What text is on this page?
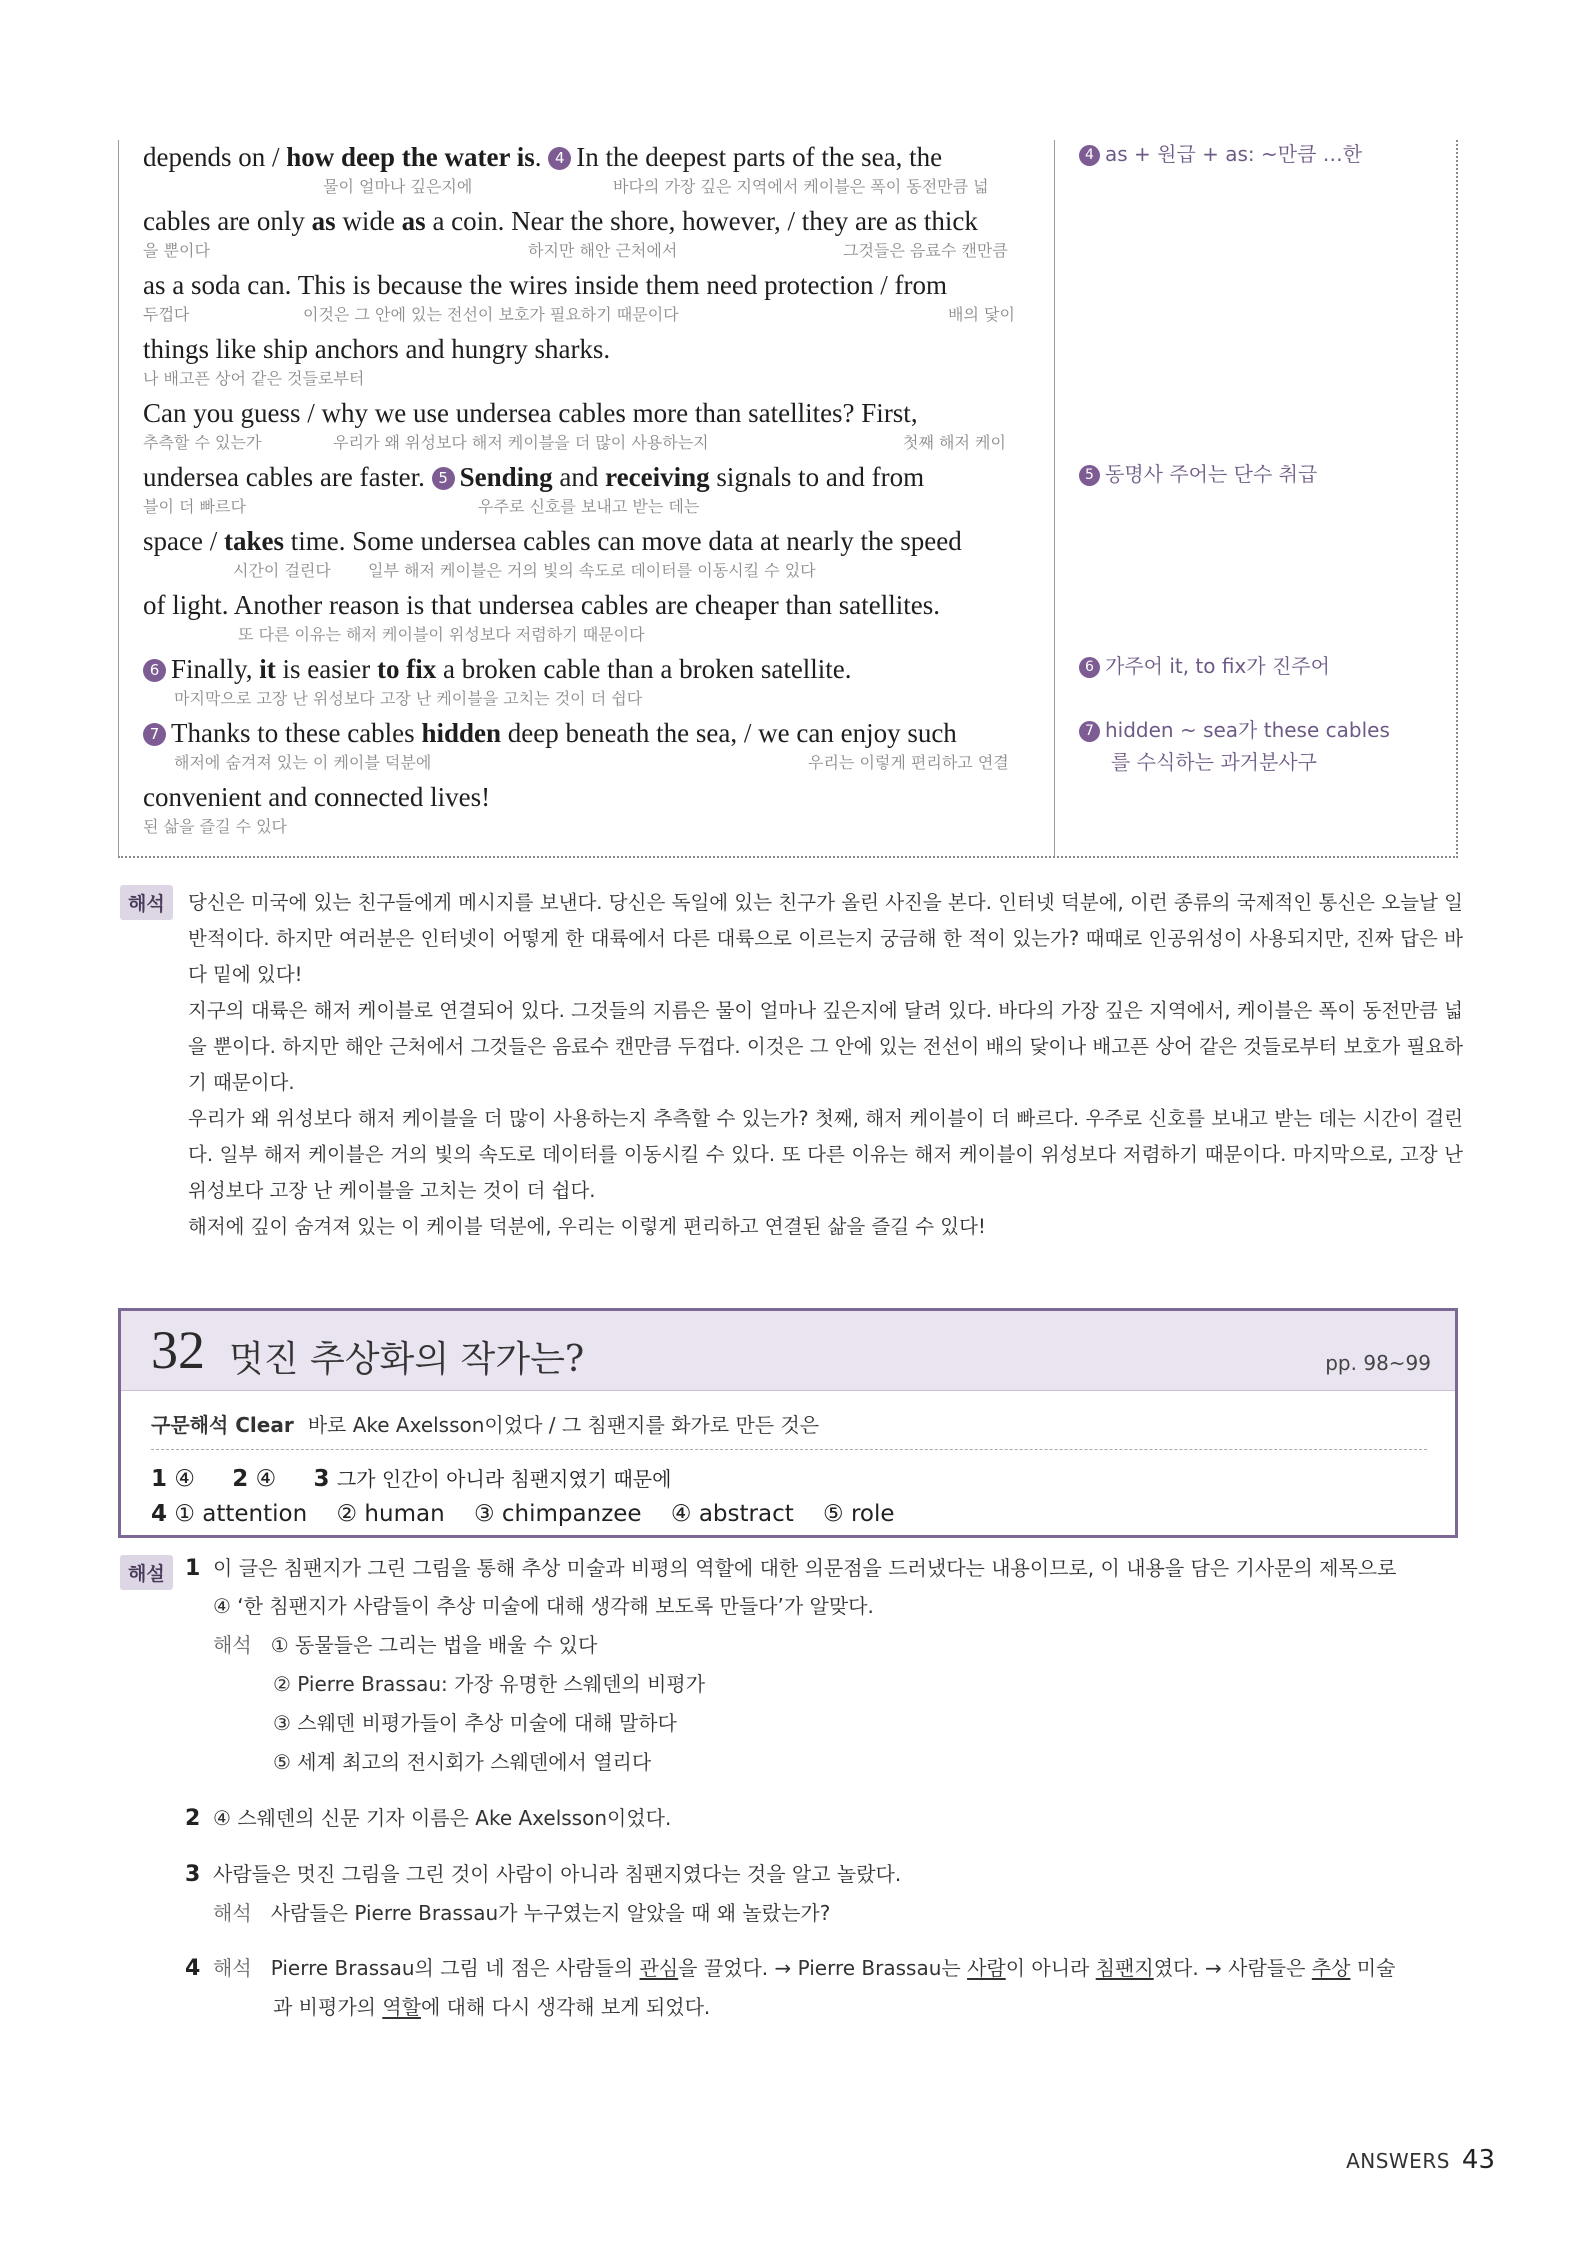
depends on / how deep the water is. 4 In the deepest parts of the sea, the
물이 얼마나 깊은지에	바다의 가장 깊은 지역에서 케이블은 폭이 동전만큼 넓
cables are only as wide as a coin. Near the shore, however, / they are as thick
을 뿐이다	하지만 해안 근처에서	그것들은 음료수 캔만큼
as a soda can. This is because the wires inside them need protection / from
두껍다	이것은 그 안에 있는 전선이 보호가 필요하기 때문이다	배의 닻이
things like ship anchors and hungry sharks.
나 배고픈 상어 같은 것들로부터
Can you guess / why we use undersea cables more than satellites? First,
추측할 수 있는가	우리가 왜 위성보다 해저 케이블을 더 많이 사용하는지	첫째 해저 케이
undersea cables are faster. 5 Sending and receiving signals to and from
블이 더 빠르다	우주로 신호를 보내고 받는 데는
space / takes time. Some undersea cables can move data at nearly the speed
시간이 걸린다 일부 해저 케이블은 거의 빛의 속도로 데이터를 이동시킬 수 있다
of light. Another reason is that undersea cables are cheaper than satellites.
또 다른 이유는 해저 케이블이 위성보다 저렴하기 때문이다
6 Finally, it is easier to fix a broken cable than a broken satellite.
마지막으로 고장 난 위성보다 고장 난 케이블을 고치는 것이 더 쉽다
7 Thanks to these cables hidden deep beneath the sea, / we can enjoy such
해저에 숨겨져 있는 이 케이블 덕분에	우리는 이렇게 편리하고 연결
convenient and connected lives!
된 삶을 즐길 수 있다
4 as + 원급 + as: ~만큼 …한
5 동명사 주어는 단수 취급
6 가주어 it, to fix가 진주어
7 hidden ~ sea가 these cables
를 수식하는 과거분사구
해석	당신은 미국에 있는 친구들에게 메시지를 보낸다. 당신은 독일에 있는 친구가 올린 사진을 본다. 인터넷 덕분에, 이런 종류의 국제적인 통신은 오늘날 일반적이다. 하지만 여러분은 인터넷이 어떻게 한 대륙에서 다른 대륙으로 이르는지 궁금해 한 적이 있는가? 때때로 인공위성이 사용되지만, 진짜 답은 바다 밑에 있다!

지구의 대륙은 해저 케이블로 연결되어 있다. 그것들의 지름은 물이 얼마나 깊은지에 달려 있다. 바다의 가장 깊은 지역에서, 케이블은 폭이 동전만큼 넓을 뿐이다. 하지만 해안 근처에서 그것들은 음료수 캔만큼 두껍다. 이것은 그 안에 있는 전선이 배의 닻이나 배고픈 상어 같은 것들로부터 보호가 필요하기 때문이다.

우리가 왜 위성보다 해저 케이블을 더 많이 사용하는지 추측할 수 있는가? 첫째, 해저 케이블이 더 빠르다. 우주로 신호를 보내고 받는 데는 시간이 걸린다. 일부 해저 케이블은 거의 빛의 속도로 데이터를 이동시킬 수 있다. 또 다른 이유는 해저 케이블이 위성보다 저렴하기 때문이다. 마지막으로, 고장 난 위성보다 고장 난 케이블을 고치는 것이 더 쉽다.

해저에 깊이 숨겨져 있는 이 케이블 덕분에, 우리는 이렇게 편리하고 연결된 삶을 즐길 수 있다!

32 멋진 추상화의 작가는?	pp. 98~99
구문해석 Clear 바로 Ake Axelsson이었다 / 그 침팬지를 화가로 만든 것은
1 ④ 2 ④ 3 그가 인간이 아니라 침팬지였기 때문에
4 ① attention ② human ③ chimpanzee ④ abstract ⑤ role
해설 1 이 글은 침팬지가 그린 그림을 통해 추상 미술과 비평의 역할에 대한 의문점을 드러냈다는 내용이므로, 이 내용을 담은 기사문의 제목으로
④ ‘한 침팬지가 사람들이 추상 미술에 대해 생각해 보도록 만들다’가 알맞다.
해석 ① 동물들은 그리는 법을 배울 수 있다
② Pierre Brassau: 가장 유명한 스웨덴의 비평가
③ 스웨덴 비평가들이 추상 미술에 대해 말하다
⑤ 세계 최고의 전시회가 스웨덴에서 열리다
2 ④ 스웨덴의 신문 기자 이름은 Ake Axelsson이었다.
3 사람들은 멋진 그림을 그린 것이 사람이 아니라 침팬지였다는 것을 알고 놀랐다.
해석 사람들은 Pierre Brassau가 누구였는지 알았을 때 왜 놀랐는가?
4 해석 Pierre Brassau의 그림 네 점은 사람들의 관심을 끌었다. → Pierre Brassau는 사람이 아니라 침팬지였다. → 사람들은 추상 미술
과 비평가의 역할에 대해 다시 생각해 보게 되었다.
ANSWERS 43
